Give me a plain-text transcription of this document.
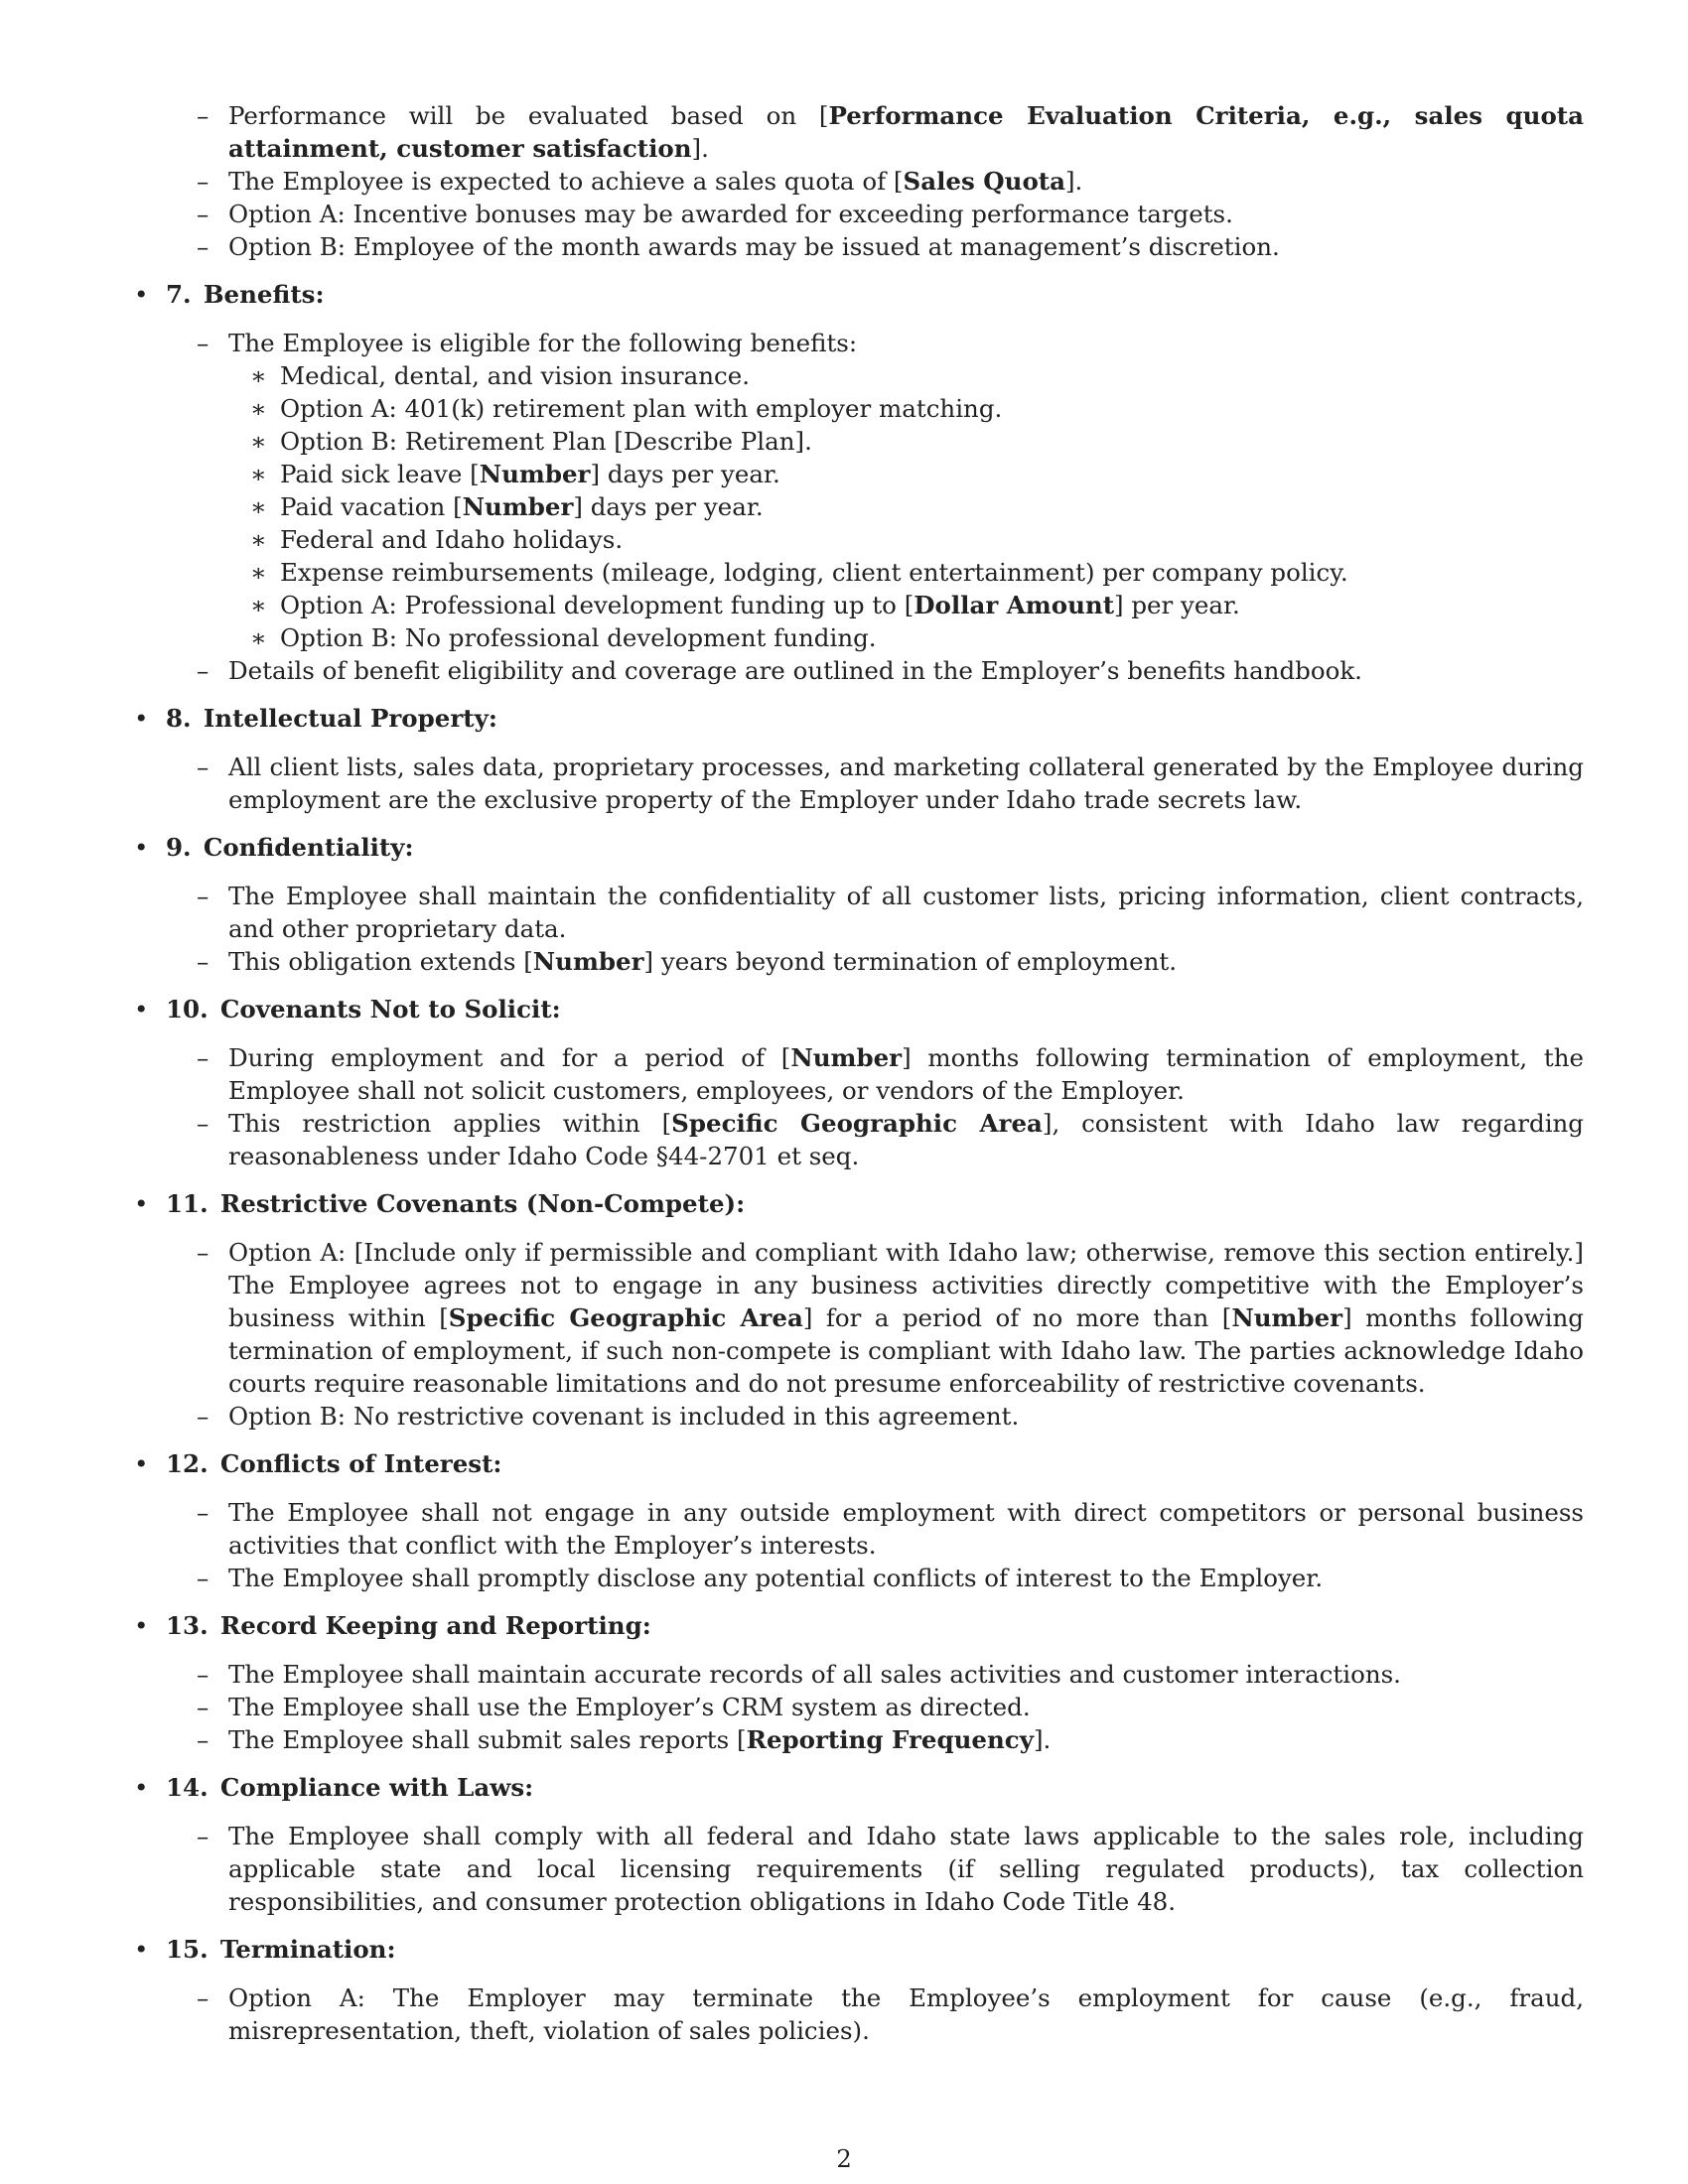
– Performance will be evaluated based on [Performance Evaluation Criteria, e.g., sales quota attainment, customer satisfaction].
– The Employee is expected to achieve a sales quota of [Sales Quota].
– Option A: Incentive bonuses may be awarded for exceeding performance targets.
– Option B: Employee of the month awards may be issued at management’s discretion.
• 7. Benefits:
– The Employee is eligible for the following benefits:
∗ Medical, dental, and vision insurance.
∗ Option A: 401(k) retirement plan with employer matching.
∗ Option B: Retirement Plan [Describe Plan].
∗ Paid sick leave [Number] days per year.
∗ Paid vacation [Number] days per year.
∗ Federal and Idaho holidays.
∗ Expense reimbursements (mileage, lodging, client entertainment) per company policy.
∗ Option A: Professional development funding up to [Dollar Amount] per year.
∗ Option B: No professional development funding.
– Details of benefit eligibility and coverage are outlined in the Employer’s benefits handbook.
• 8. Intellectual Property:
– All client lists, sales data, proprietary processes, and marketing collateral generated by the Employee during employment are the exclusive property of the Employer under Idaho trade secrets law.
• 9. Confidentiality:
– The Employee shall maintain the confidentiality of all customer lists, pricing information, client contracts, and other proprietary data.
– This obligation extends [Number] years beyond termination of employment.
• 10. Covenants Not to Solicit:
– During employment and for a period of [Number] months following termination of employment, the Employee shall not solicit customers, employees, or vendors of the Employer.
– This restriction applies within [Specific Geographic Area], consistent with Idaho law regarding reasonableness under Idaho Code §44-2701 et seq.
• 11. Restrictive Covenants (Non-Compete):
– Option A: [Include only if permissible and compliant with Idaho law; otherwise, remove this section entirely.] The Employee agrees not to engage in any business activities directly competitive with the Employer’s business within [Specific Geographic Area] for a period of no more than [Number] months following termination of employment, if such non-compete is compliant with Idaho law. The parties acknowledge Idaho courts require reasonable limitations and do not presume enforceability of restrictive covenants.
– Option B: No restrictive covenant is included in this agreement.
• 12. Conflicts of Interest:
– The Employee shall not engage in any outside employment with direct competitors or personal business activities that conflict with the Employer’s interests.
– The Employee shall promptly disclose any potential conflicts of interest to the Employer.
• 13. Record Keeping and Reporting:
– The Employee shall maintain accurate records of all sales activities and customer interactions.
– The Employee shall use the Employer’s CRM system as directed.
– The Employee shall submit sales reports [Reporting Frequency].
• 14. Compliance with Laws:
– The Employee shall comply with all federal and Idaho state laws applicable to the sales role, including applicable state and local licensing requirements (if selling regulated products), tax collection responsibilities, and consumer protection obligations in Idaho Code Title 48.
• 15. Termination:
– Option A: The Employer may terminate the Employee’s employment for cause (e.g., fraud, misrepresentation, theft, violation of sales policies).
2
